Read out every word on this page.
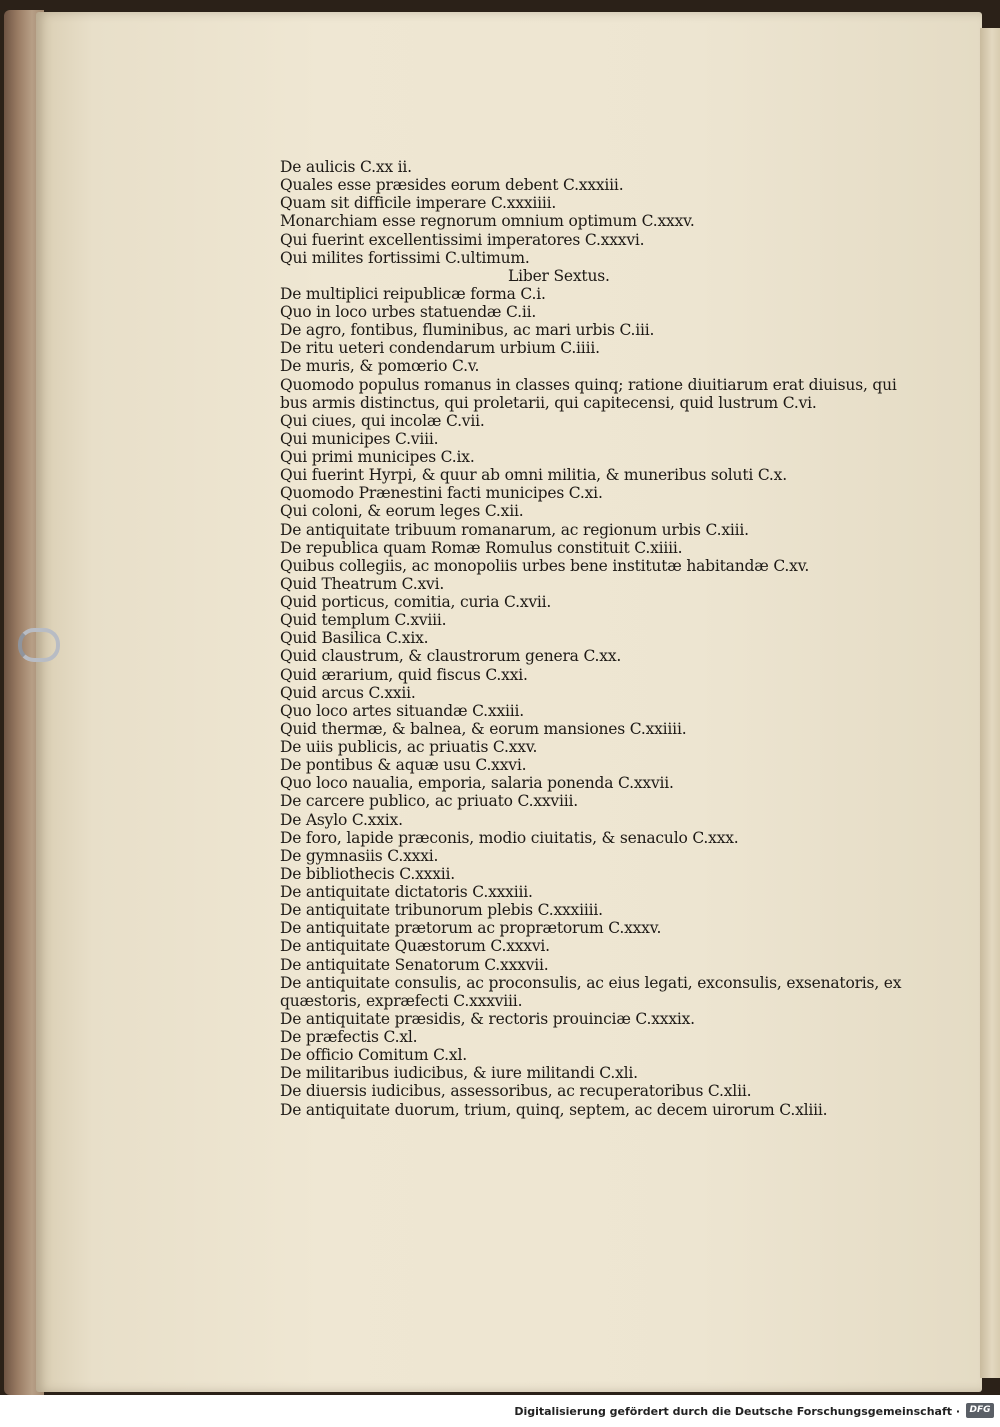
De aulicis C.xx ii.
Quales esse præsides eorum debent C.xxxiii.
Quam sit difficile imperare C.xxxiiii.
Monarchiam esse regnorum omnium optimum C.xxxv.
Qui fuerint excellentissimi imperatores C.xxxvi.
Qui milites fortissimi C.ultimum.
Liber Sextus.
De multiplici reipublicæ forma C.i.
Quo in loco urbes statuendæ C.ii.
De agro, fontibus, fluminibus, ac mari urbis C.iii.
De ritu ueteri condendarum urbium C.iiii.
De muris, & pomœrio C.v.
Quomodo populus romanus in classes quinq; ratione diuitiarum erat diuisus, qui
bus armis distinctus, qui proletarii, qui capitecensi, quid lustrum C.vi.
Qui ciues, qui incolæ C.vii.
Qui municipes C.viii.
Qui primi municipes C.ix.
Qui fuerint Hyrpi, & quur ab omni militia, & muneribus soluti C.x.
Quomodo Prænestini facti municipes C.xi.
Qui coloni, & eorum leges C.xii.
De antiquitate tribuum romanarum, ac regionum urbis C.xiii.
De republica quam Romæ Romulus constituit C.xiiii.
Quibus collegiis, ac monopoliis urbes bene institutæ habitandæ C.xv.
Quid Theatrum C.xvi.
Quid porticus, comitia, curia C.xvii.
Quid templum C.xviii.
Quid Basilica C.xix.
Quid claustrum, & claustrorum genera C.xx.
Quid ærarium, quid fiscus C.xxi.
Quid arcus C.xxii.
Quo loco artes situandæ C.xxiii.
Quid thermæ, & balnea, & eorum mansiones C.xxiiii.
De uiis publicis, ac priuatis C.xxv.
De pontibus & aquæ usu C.xxvi.
Quo loco naualia, emporia, salaria ponenda C.xxvii.
De carcere publico, ac priuato C.xxviii.
De Asylo C.xxix.
De foro, lapide præconis, modio ciuitatis, & senaculo C.xxx.
De gymnasiis C.xxxi.
De bibliothecis C.xxxii.
De antiquitate dictatoris C.xxxiii.
De antiquitate tribunorum plebis C.xxxiiii.
De antiquitate prætorum ac proprætorum C.xxxv.
De antiquitate Quæstorum C.xxxvi.
De antiquitate Senatorum C.xxxvii.
De antiquitate consulis, ac proconsulis, ac eius legati, exconsulis, exsenatoris, ex
quæstoris, expræfecti C.xxxviii.
De antiquitate præsidis, & rectoris prouinciæ C.xxxix.
De præfectis C.xl.
De officio Comitum C.xl.
De militaribus iudicibus, & iure militandi C.xli.
De diuersis iudicibus, assessoribus, ac recuperatoribus C.xlii.
De antiquitate duorum, trium, quinq, septem, ac decem uirorum C.xliii.
Digitalisierung gefördert durch die Deutsche Forschungsgemeinschaft ·	DFG
